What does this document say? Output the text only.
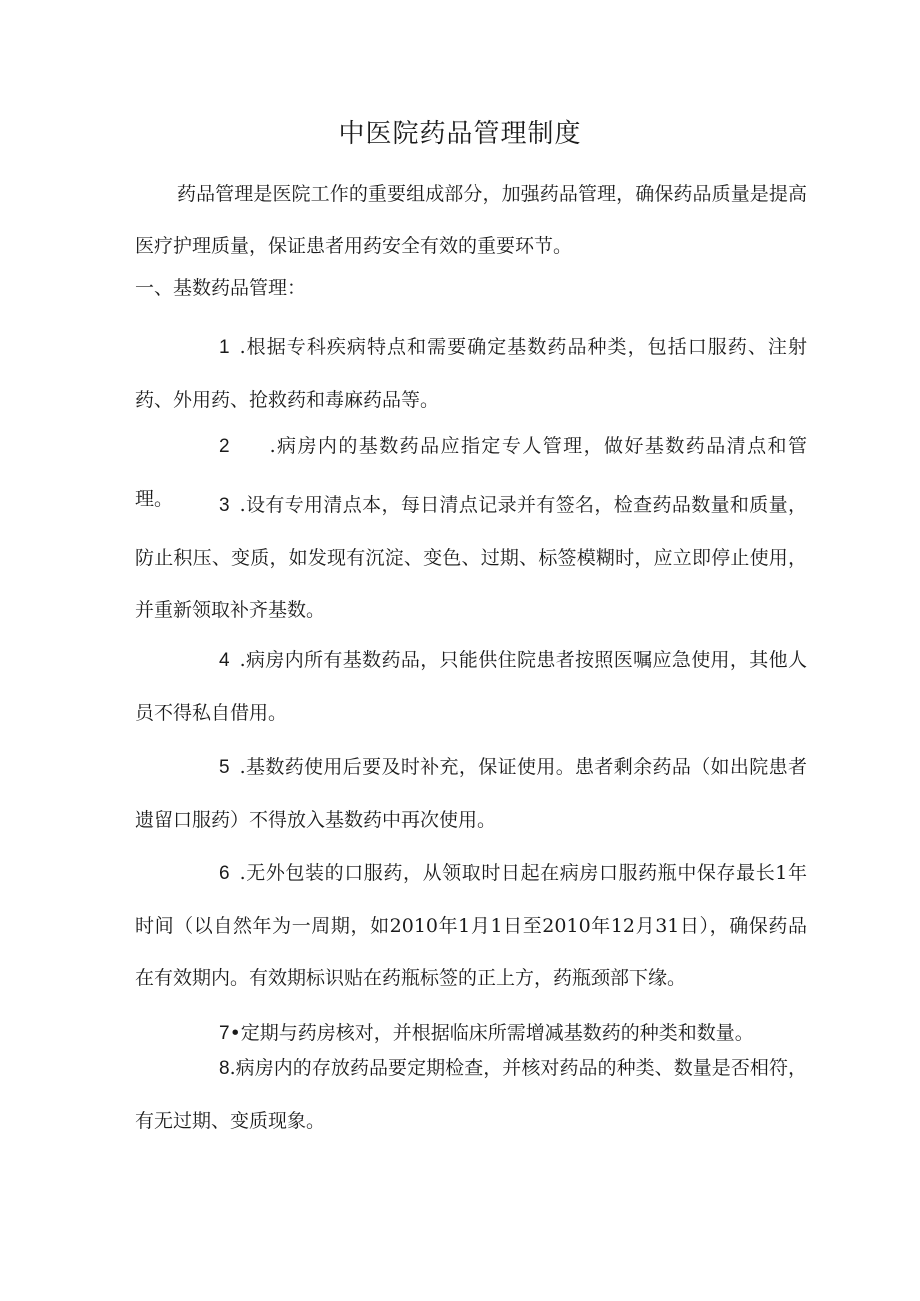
中医院药品管理制度

药品管理是医院工作的重要组成部分，加强药品管理，确保药品质量是提高医疗护理质量，保证患者用药安全有效的重要环节。

一、基数药品管理：

1 .根据专科疾病特点和需要确定基数药品种类，包括口服药、注射药、外用药、抢救药和毒麻药品等。

2 .病房内的基数药品应指定专人管理，做好基数药品清点和管理。	3 .设有专用清点本，每日清点记录并有签名，检查药品数量和质量，防止积压、变质，如发现有沉淀、变色、过期、标签模糊时，应立即停止使用，并重新领取补齐基数。

4 .病房内所有基数药品，只能供住院患者按照医嘱应急使用，其他人员不得私自借用。

5 .基数药使用后要及时补充，保证使用。患者剩余药品（如出院患者遗留口服药）不得放入基数药中再次使用。

6 .无外包装的口服药，从领取时日起在病房口服药瓶中保存最长1年时间（以自然年为一周期，如2010年1月1日至2010年12月31日），确保药品在有效期内。有效期标识贴在药瓶标签的正上方，药瓶颈部下缘。

7•定期与药房核对，并根据临床所需增减基数药的种类和数量。

8.病房内的存放药品要定期检查，并核对药品的种类、数量是否相符，有无过期、变质现象。
